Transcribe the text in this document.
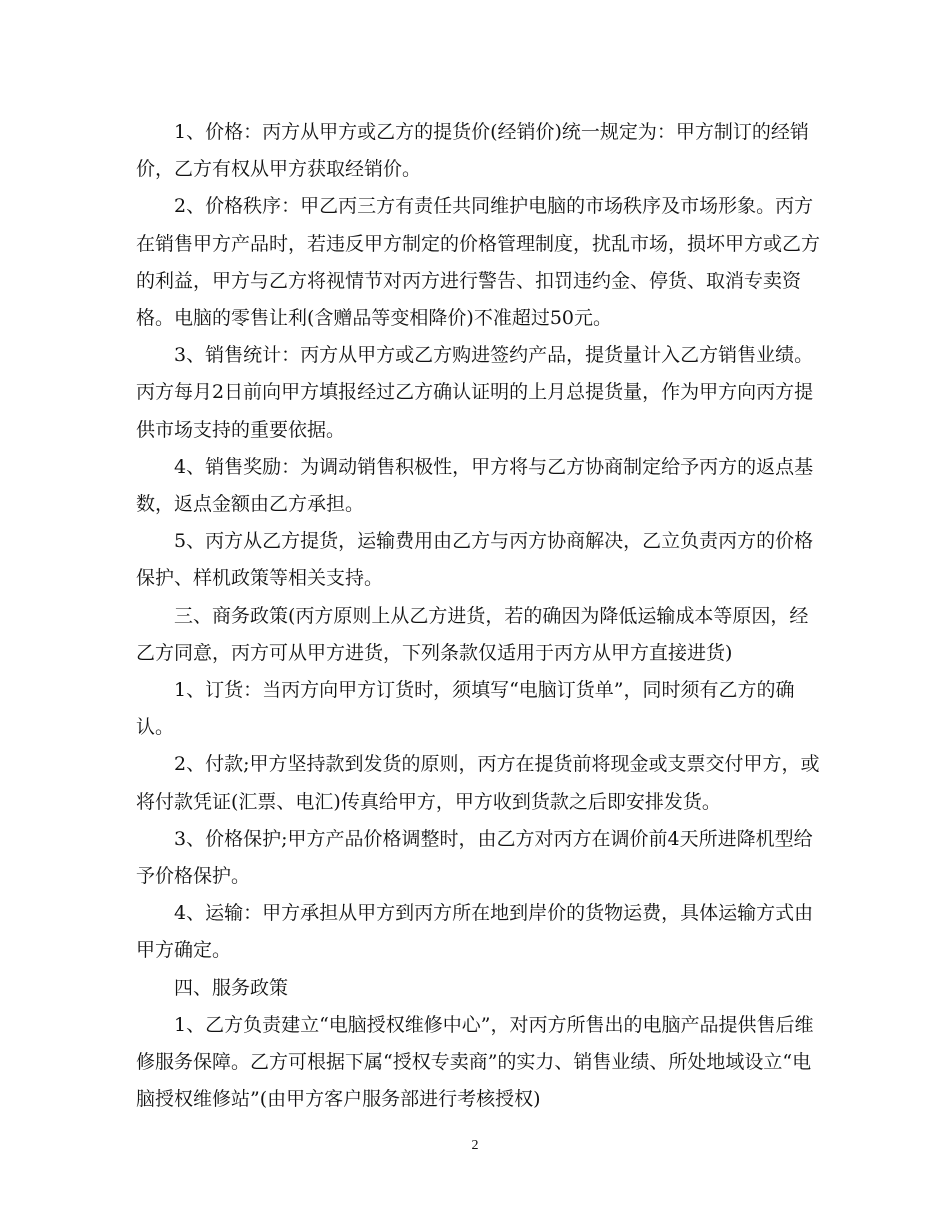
1、价格：丙方从甲方或乙方的提货价(经销价)统一规定为：甲方制订的经销
价，乙方有权从甲方获取经销价。

2、价格秩序：甲乙丙三方有责任共同维护电脑的市场秩序及市场形象。丙方
在销售甲方产品时，若违反甲方制定的价格管理制度，扰乱市场，损坏甲方或乙方
的利益，甲方与乙方将视情节对丙方进行警告、扣罚违约金、停货、取消专卖资
格。电脑的零售让利(含赠品等变相降价)不准超过50元。

3、销售统计：丙方从甲方或乙方购进签约产品，提货量计入乙方销售业绩。
丙方每月2日前向甲方填报经过乙方确认证明的上月总提货量，作为甲方向丙方提
供市场支持的重要依据。

4、销售奖励：为调动销售积极性，甲方将与乙方协商制定给予丙方的返点基
数，返点金额由乙方承担。

5、丙方从乙方提货，运输费用由乙方与丙方协商解决，乙立负责丙方的价格
保护、样机政策等相关支持。

三、商务政策(丙方原则上从乙方进货，若的确因为降低运输成本等原因，经
乙方同意，丙方可从甲方进货，下列条款仅适用于丙方从甲方直接进货)

1、订货：当丙方向甲方订货时，须填写“电脑订货单”，同时须有乙方的确
认。

2、付款;甲方坚持款到发货的原则，丙方在提货前将现金或支票交付甲方，或
将付款凭证(汇票、电汇)传真给甲方，甲方收到货款之后即安排发货。

3、价格保护;甲方产品价格调整时，由乙方对丙方在调价前4天所进降机型给
予价格保护。

4、运输：甲方承担从甲方到丙方所在地到岸价的货物运费，具体运输方式由
甲方确定。

四、服务政策

1、乙方负责建立“电脑授权维修中心”，对丙方所售出的电脑产品提供售后维
修服务保障。乙方可根据下属“授权专卖商”的实力、销售业绩、所处地域设立“电
脑授权维修站”(由甲方客户服务部进行考核授权)

2
